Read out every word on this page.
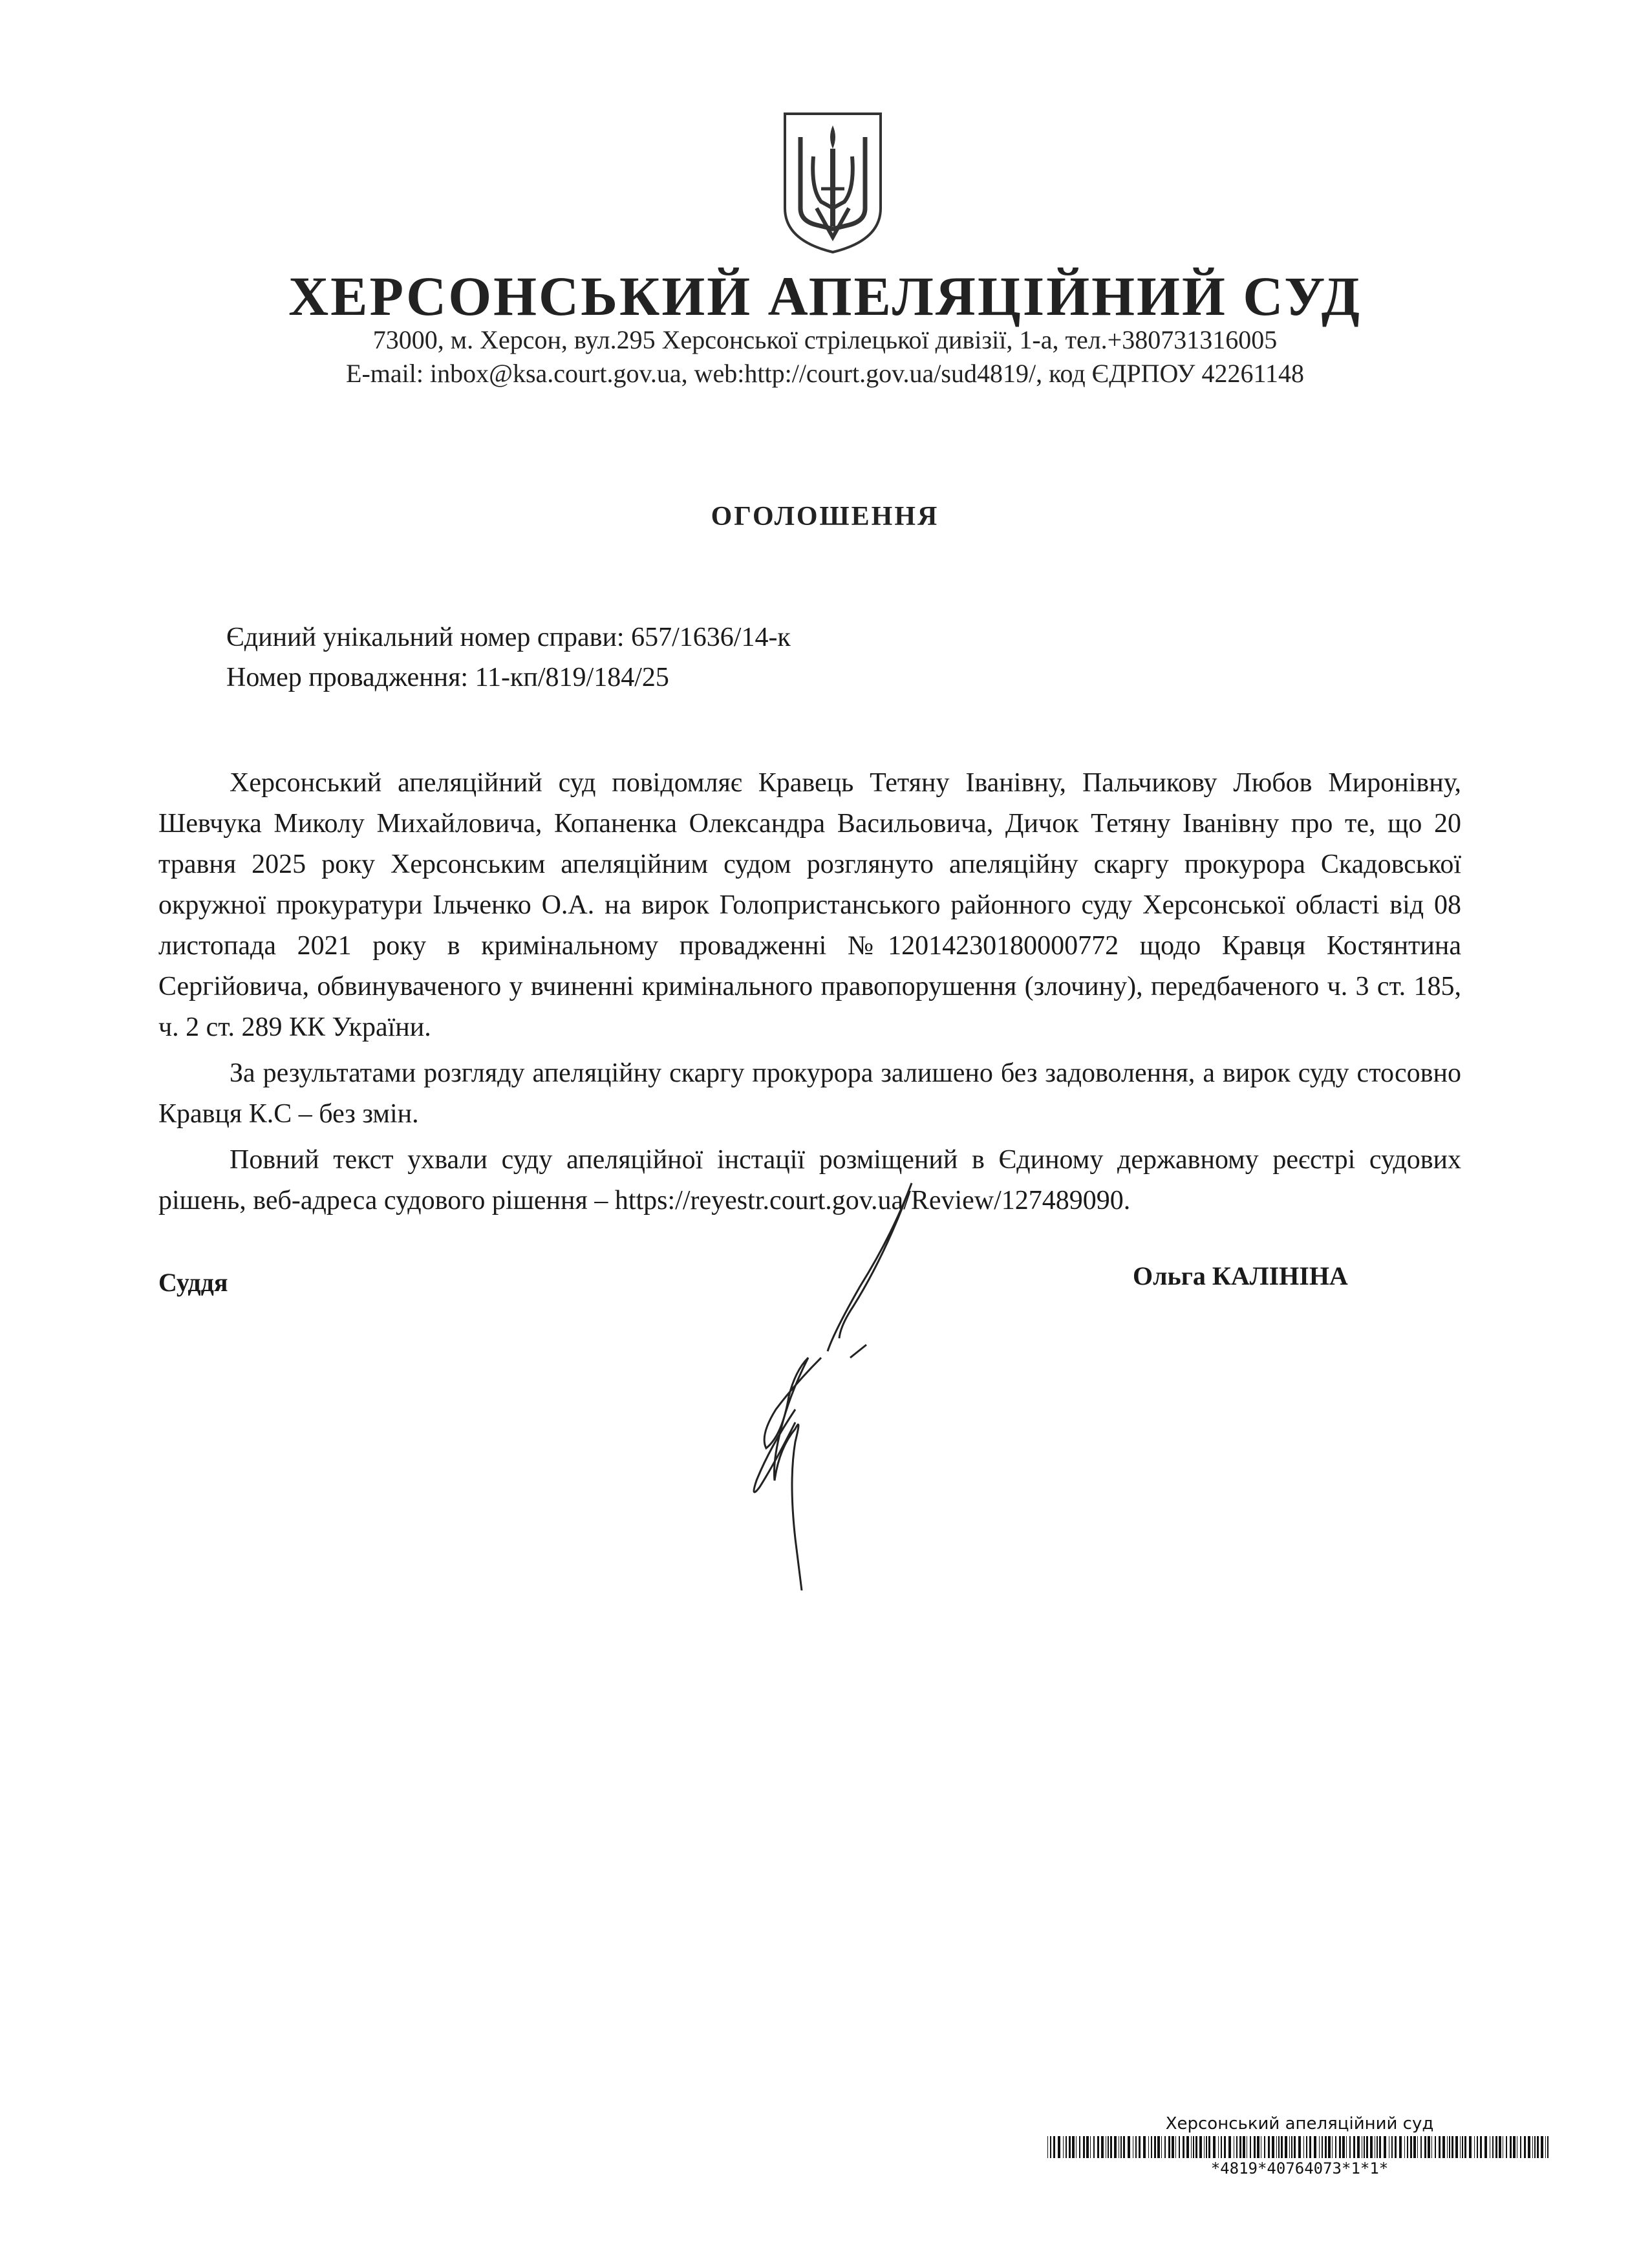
ХЕРСОНСЬКИЙ АПЕЛЯЦІЙНИЙ СУД
73000, м. Херсон, вул.295 Херсонської стрілецької дивізії, 1-а, тел.+380731316005
E-mail: inbox@ksa.court.gov.ua, web:http://court.gov.ua/sud4819/, код ЄДРПОУ 42261148
ОГОЛОШЕННЯ
Єдиний унікальний номер справи: 657/1636/14-к
Номер провадження: 11-кп/819/184/25

Херсонський апеляційний суд повідомляє Кравець Тетяну Іванівну, Пальчикову Любов Миронівну, Шевчука Миколу Михайловича, Копаненка Олександра Васильовича, Дичок Тетяну Іванівну про те, що 20 травня 2025 року Херсонським апеляційним судом розглянуто апеляційну скаргу прокурора Скадовської окружної прокуратури Ільченко О.А. на вирок Голопристанського районного суду Херсонської області від 08 листопада 2021 року в кримінальному провадженні №12014230180000772 щодо Кравця Костянтина Сергійовича, обвинуваченого у вчиненні кримінального правопорушення (злочину), передбаченого ч. 3 ст. 185, ч. 2 ст. 289 КК України.

За результатами розгляду апеляційну скаргу прокурора залишено без задоволення, а вирок суду стосовно Кравця К.С – без змін.

Повний текст ухвали суду апеляційної інстації розміщений в Єдиному державному реєстрі судових рішень, веб-адреса судового рішення – https://reyestr.court.gov.ua/Review/127489090.

Суддя	Ольга КАЛІНІНА
Херсонський апеляційний суд
*4819*40764073*1*1*
